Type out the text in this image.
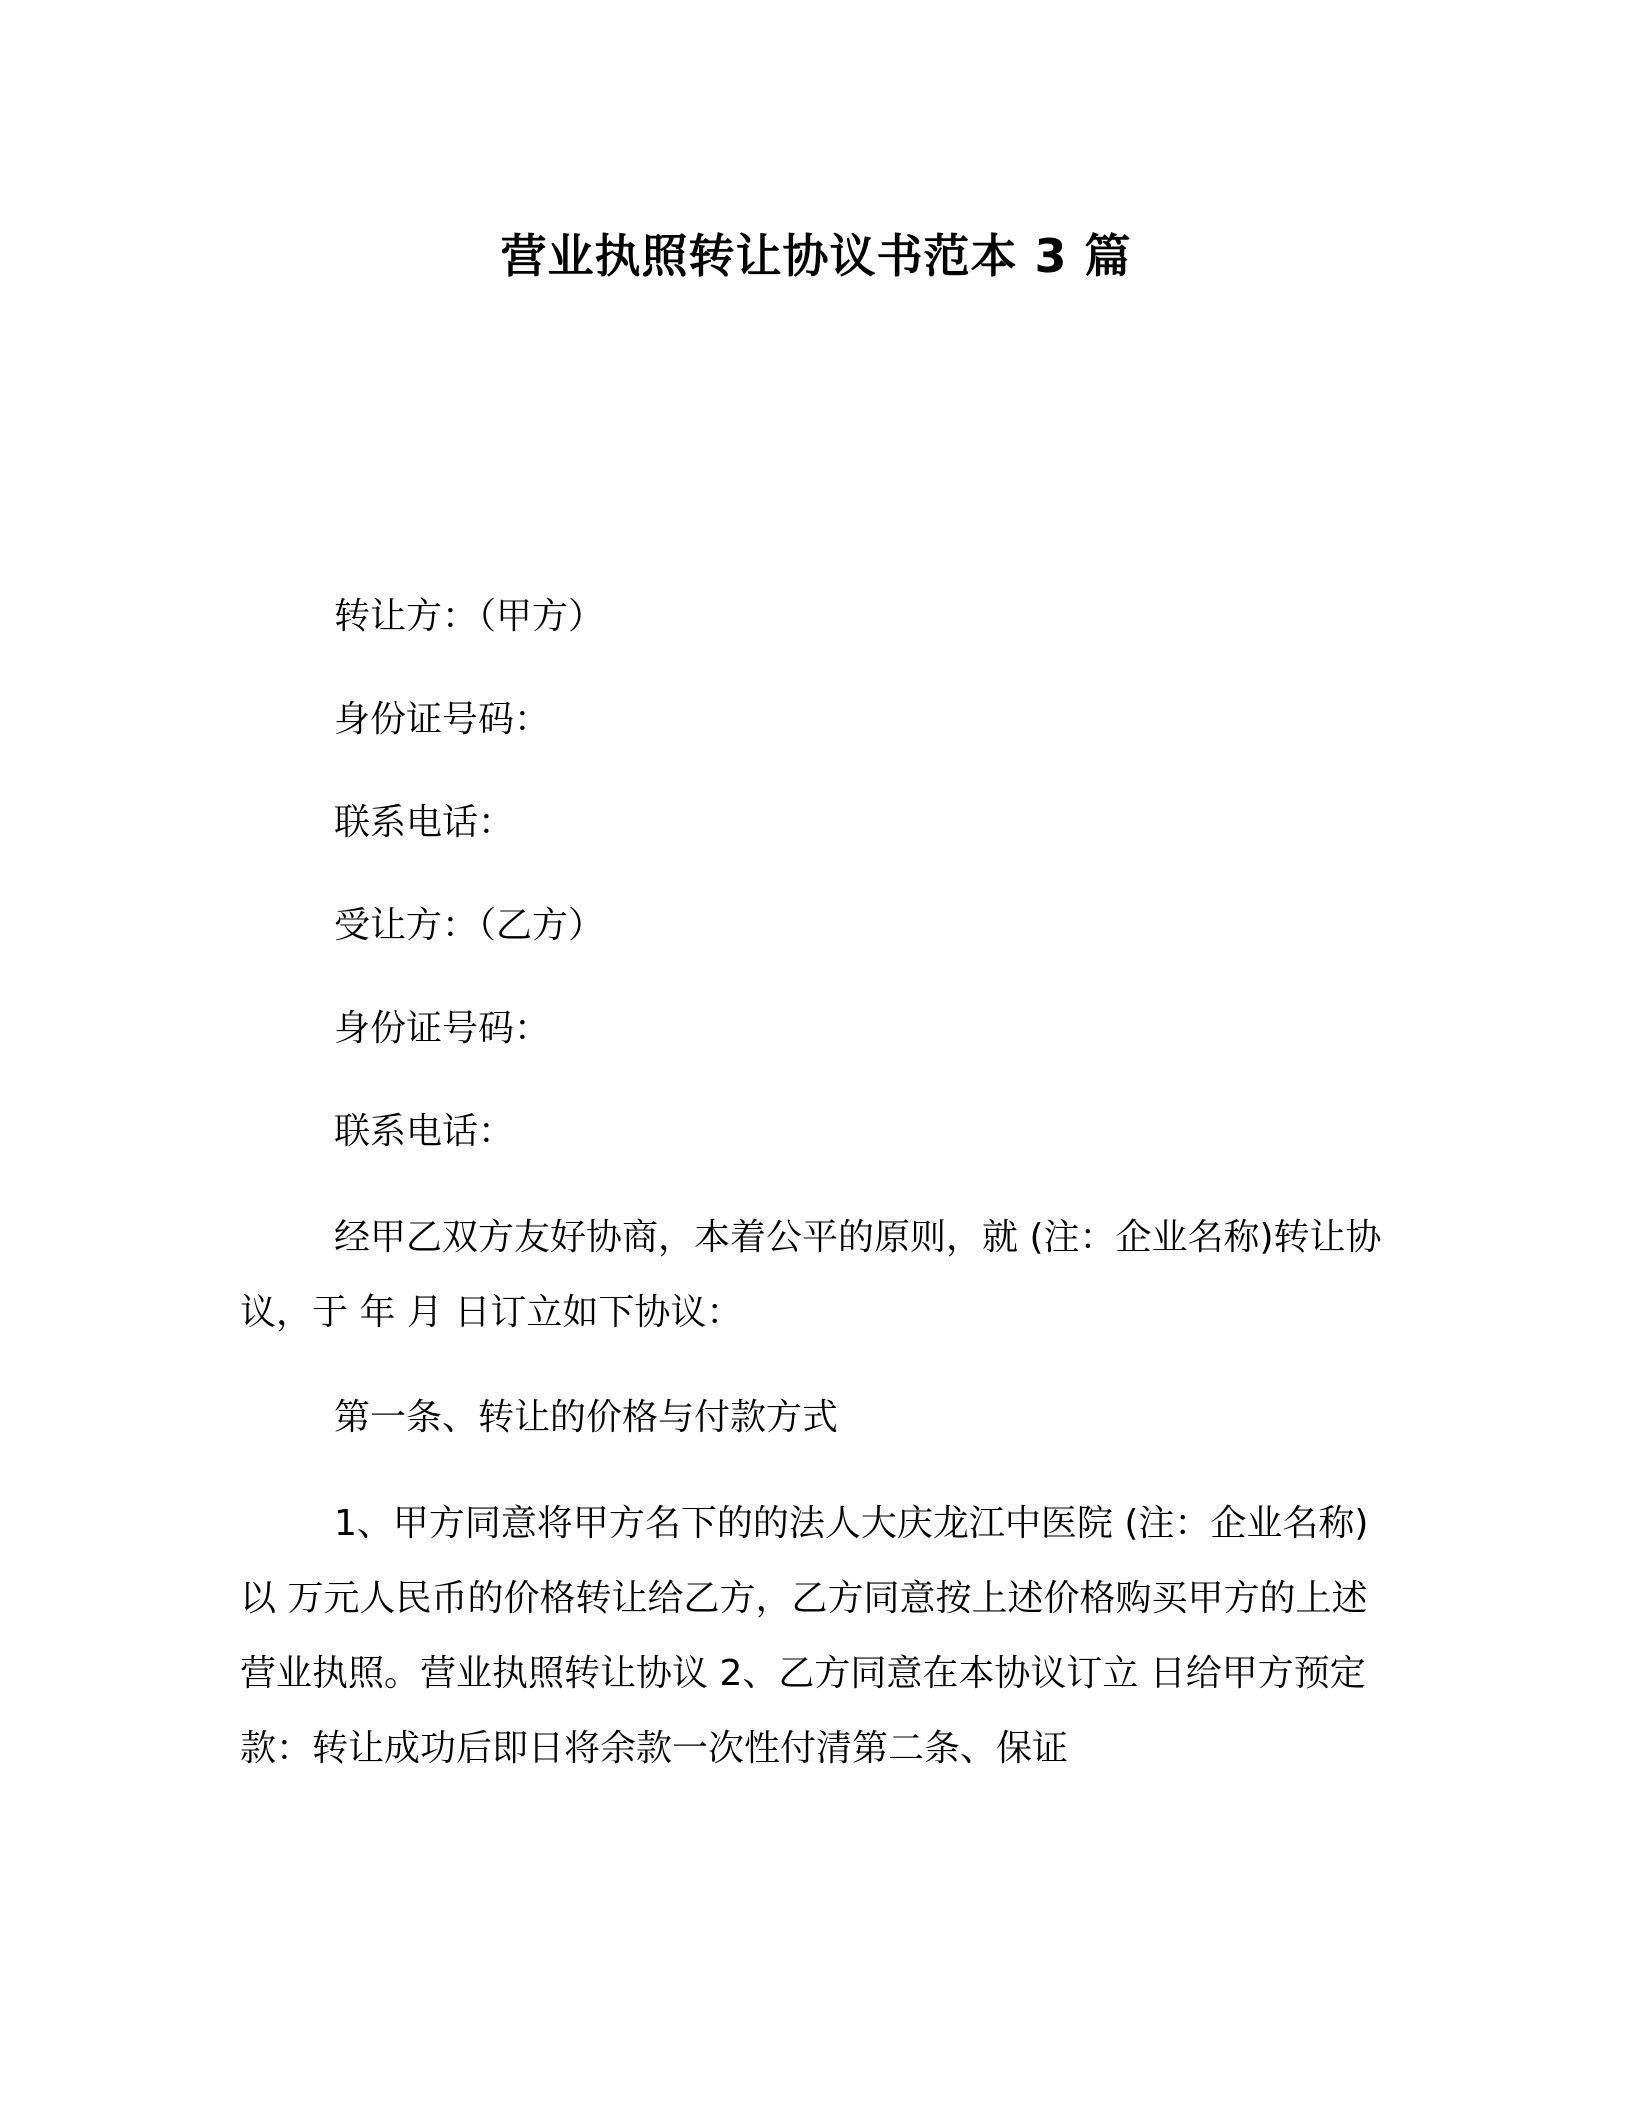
营业执照转让协议书范本 3 篇

转让方：（甲方）

身份证号码：

联系电话：

受让方：（乙方）

身份证号码：

联系电话：

经甲乙双方友好协商，本着公平的原则，就 (注：企业名称)转让协议，于 年 月 日订立如下协议：

第一条、转让的价格与付款方式

1、甲方同意将甲方名下的的法人大庆龙江中医院 (注：企业名称)以 万元人民币的价格转让给乙方，乙方同意按上述价格购买甲方的上述营业执照。营业执照转让协议 2、乙方同意在本协议订立 日给甲方预定款：转让成功后即日将余款一次性付清第二条、保证
